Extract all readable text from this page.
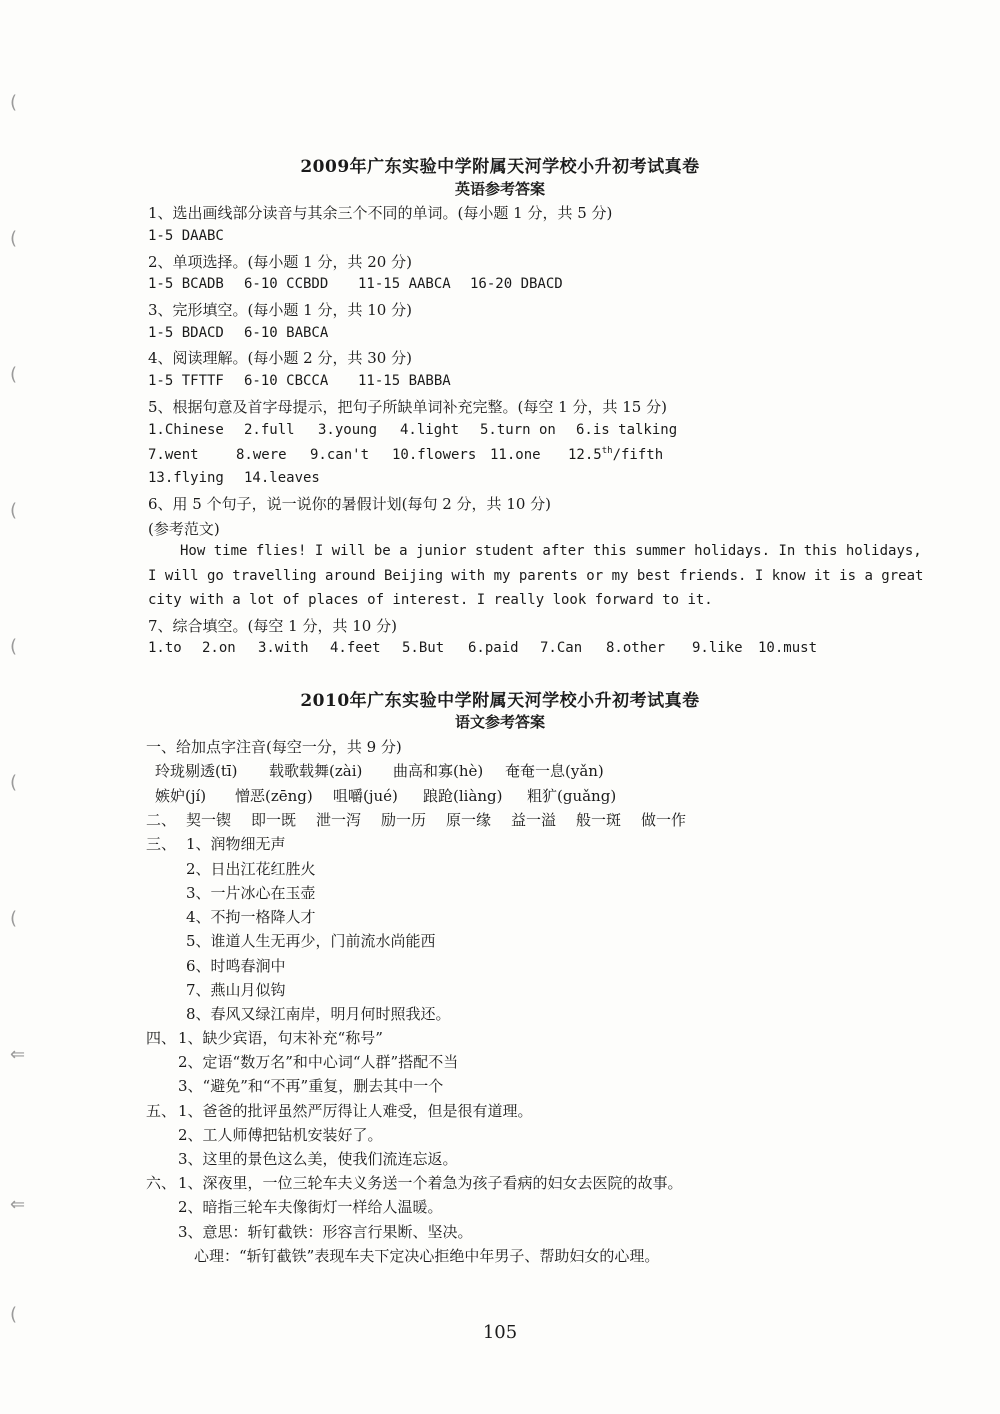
(
(
(
(
(
(
(
⇐
⇐
(
2009年广东实验中学附属天河学校小升初考试真卷
英语参考答案
1、选出画线部分读音与其余三个不同的单词。(每小题 1 分，共 5 分)
1-5 DAABC
2、单项选择。(每小题 1 分，共 20 分)
1-5 BCADB 6-10 CCBDD 11-15 AABCA 16-20 DBACD
3、完形填空。(每小题 1 分，共 10 分)
1-5 BDACD 6-10 BABCA
4、阅读理解。(每小题 2 分，共 30 分)
1-5 TFTTF 6-10 CBCCA 11-15 BABBA
5、根据句意及首字母提示，把句子所缺单词补充完整。(每空 1 分，共 15 分)
1.Chinese 2.full 3.young 4.light 5.turn on 6.is talking
7.went	8.were 9.can't 10.flowers 11.one 12.5th/fifth
13.flying 14.leaves
6、用 5 个句子，说一说你的暑假计划(每句 2 分，共 10 分)
(参考范文)
How time flies! I will be a junior student after this summer holidays. In this holidays,
I will go travelling around Beijing with my parents or my best friends. I know it is a great
city with a lot of places of interest. I really look forward to it.
7、综合填空。(每空 1 分，共 10 分)
1.to 2.on 3.with 4.feet 5.But 6.paid 7.Can 8.other 9.like 10.must
2010年广东实验中学附属天河学校小升初考试真卷
语文参考答案
一、给加点字注音(每空一分，共 9 分)
玲珑剔透(tī) 载歌载舞(zài) 曲高和寡(hè) 奄奄一息(yǎn)
嫉妒(jí) 憎恶(zēng) 咀嚼(jué) 踉跄(liàng) 粗犷(guǎng)
二、 契一锲 即一既 泄一泻 励一历 原一缘 益一溢 般一斑 做一作
三、 1、润物细无声
2、日出江花红胜火
3、一片冰心在玉壶
4、不拘一格降人才
5、谁道人生无再少，门前流水尚能西
6、时鸣春涧中
7、燕山月似钩
8、春风又绿江南岸，明月何时照我还。
四、 1、缺少宾语，句末补充“称号”
2、定语“数万名”和中心词“人群”搭配不当
3、“避免”和“不再”重复，删去其中一个
五、 1、爸爸的批评虽然严厉得让人难受，但是很有道理。
2、工人师傅把钻机安装好了。
3、这里的景色这么美，使我们流连忘返。
六、 1、深夜里，一位三轮车夫义务送一个着急为孩子看病的妇女去医院的故事。
2、暗指三轮车夫像街灯一样给人温暖。
3、意思：斩钉截铁：形容言行果断、坚决。
心理：“斩钉截铁”表现车夫下定决心拒绝中年男子、帮助妇女的心理。
105
